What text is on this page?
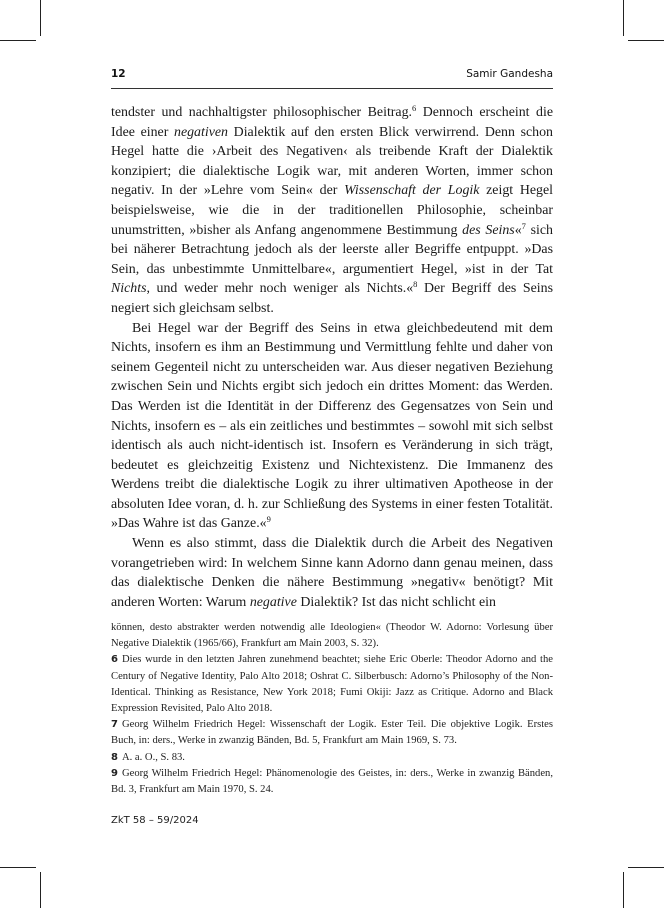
12	Samir Gandesha

tendster und nachhaltigster philosophischer Beitrag.$^6$ Dennoch erscheint die Idee einer negativen Dialektik auf den ersten Blick verwirrend. Denn schon Hegel hatte die ›Arbeit des Negativen‹ als treibende Kraft der Dialektik konzipiert; die dialektische Logik war, mit anderen Worten, immer schon negativ. In der »Lehre vom Sein« der Wissenschaft der Logik zeigt Hegel beispielsweise, wie die in der traditionellen Philosophie, scheinbar unumstritten, »bisher als Anfang angenommene Bestimmung des Seins«$^7$ sich bei näherer Betrachtung jedoch als der leerste aller Begriffe entpuppt. »Das Sein, das unbestimmte Unmittelbare«, argumentiert Hegel, »ist in der Tat Nichts, und weder mehr noch weniger als Nichts.«$^8$ Der Begriff des Seins negiert sich gleichsam selbst.

Bei Hegel war der Begriff des Seins in etwa gleichbedeutend mit dem Nichts, insofern es ihm an Bestimmung und Vermittlung fehlte und daher von seinem Gegenteil nicht zu unterscheiden war. Aus dieser negativen Beziehung zwischen Sein und Nichts ergibt sich jedoch ein drittes Moment: das Werden. Das Werden ist die Identität in der Differenz des Gegensatzes von Sein und Nichts, insofern es – als ein zeitliches und bestimmtes – sowohl mit sich selbst identisch als auch nicht-identisch ist. Insofern es Veränderung in sich trägt, bedeutet es gleichzeitig Existenz und Nichtexistenz. Die Immanenz des Werdens treibt die dialektische Logik zu ihrer ultimativen Apotheose in der absoluten Idee voran, d. h. zur Schließung des Systems in einer festen Totalität. »Das Wahre ist das Ganze.«$^9$

Wenn es also stimmt, dass die Dialektik durch die Arbeit des Negativen vorangetrieben wird: In welchem Sinne kann Adorno dann genau meinen, dass das dialektische Denken die nähere Bestimmung »negativ« benötigt? Mit anderen Worten: Warum negative Dialektik? Ist das nicht schlicht ein

können, desto abstrakter werden notwendig alle Ideologien« (Theodor W. Adorno: Vorlesung über Negative Dialektik (1965/66), Frankfurt am Main 2003, S. 32).

6 Dies wurde in den letzten Jahren zunehmend beachtet; siehe Eric Oberle: Theodor Adorno and the Century of Negative Identity, Palo Alto 2018; Oshrat C. Silberbusch: Adorno’s Philosophy of the Non-Identical. Thinking as Resistance, New York 2018; Fumi Okiji: Jazz as Critique. Adorno and Black Expression Revisited, Palo Alto 2018.

7 Georg Wilhelm Friedrich Hegel: Wissenschaft der Logik. Ester Teil. Die objektive Logik. Erstes Buch, in: ders., Werke in zwanzig Bänden, Bd. 5, Frankfurt am Main 1969, S. 73.

8 A. a. O., S. 83.

9 Georg Wilhelm Friedrich Hegel: Phänomenologie des Geistes, in: ders., Werke in zwanzig Bänden, Bd. 3, Frankfurt am Main 1970, S. 24.

ZkT 58 – 59/2024
